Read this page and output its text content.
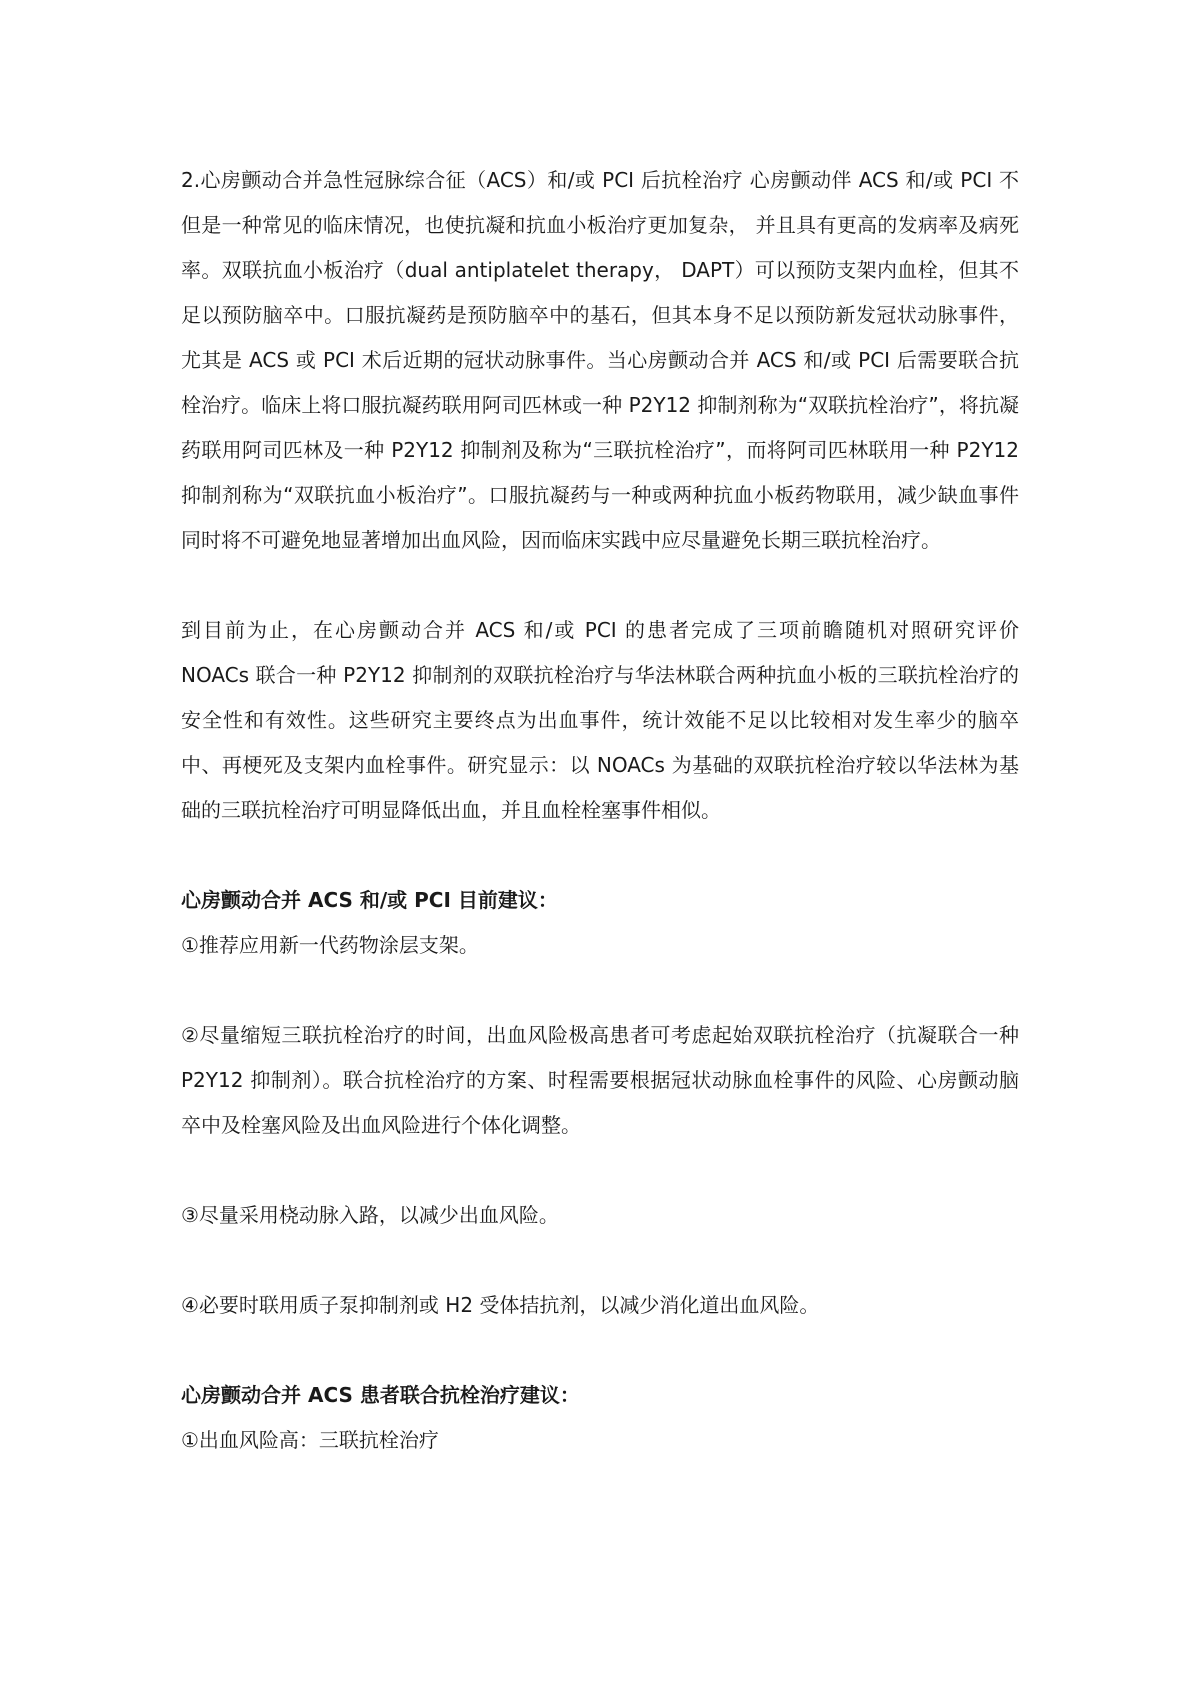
2.心房颤动合并急性冠脉综合征（ACS）和/或 PCI 后抗栓治疗 心房颤动伴 ACS 和/或 PCI 不但是一种常见的临床情况，也使抗凝和抗血小板治疗更加复杂， 并且具有更高的发病率及病死率。双联抗血小板治疗（dual antiplatelet therapy， DAPT）可以预防支架内血栓，但其不足以预防脑卒中。口服抗凝药是预防脑卒中的基石，但其本身不足以预防新发冠状动脉事件，尤其是 ACS 或 PCI 术后近期的冠状动脉事件。当心房颤动合并 ACS 和/或 PCI 后需要联合抗栓治疗。临床上将口服抗凝药联用阿司匹林或一种 P2Y12 抑制剂称为“双联抗栓治疗”，将抗凝药联用阿司匹林及一种 P2Y12 抑制剂及称为“三联抗栓治疗”，而将阿司匹林联用一种 P2Y12 抑制剂称为“双联抗血小板治疗”。口服抗凝药与一种或两种抗血小板药物联用，减少缺血事件同时将不可避免地显著增加出血风险，因而临床实践中应尽量避免长期三联抗栓治疗。

到目前为止，在心房颤动合并 ACS 和/或 PCI 的患者完成了三项前瞻随机对照研究评价 NOACs 联合一种 P2Y12 抑制剂的双联抗栓治疗与华法林联合两种抗血小板的三联抗栓治疗的安全性和有效性。这些研究主要终点为出血事件，统计效能不足以比较相对发生率少的脑卒中、再梗死及支架内血栓事件。研究显示：以 NOACs 为基础的双联抗栓治疗较以华法林为基础的三联抗栓治疗可明显降低出血，并且血栓栓塞事件相似。

心房颤动合并 ACS 和/或 PCI 目前建议：

①推荐应用新一代药物涂层支架。

②尽量缩短三联抗栓治疗的时间，出血风险极高患者可考虑起始双联抗栓治疗（抗凝联合一种 P2Y12 抑制剂）。联合抗栓治疗的方案、时程需要根据冠状动脉血栓事件的风险、心房颤动脑卒中及栓塞风险及出血风险进行个体化调整。

③尽量采用桡动脉入路，以减少出血风险。

④必要时联用质子泵抑制剂或 H2 受体拮抗剂，以减少消化道出血风险。

心房颤动合并 ACS 患者联合抗栓治疗建议：

①出血风险高：三联抗栓治疗
